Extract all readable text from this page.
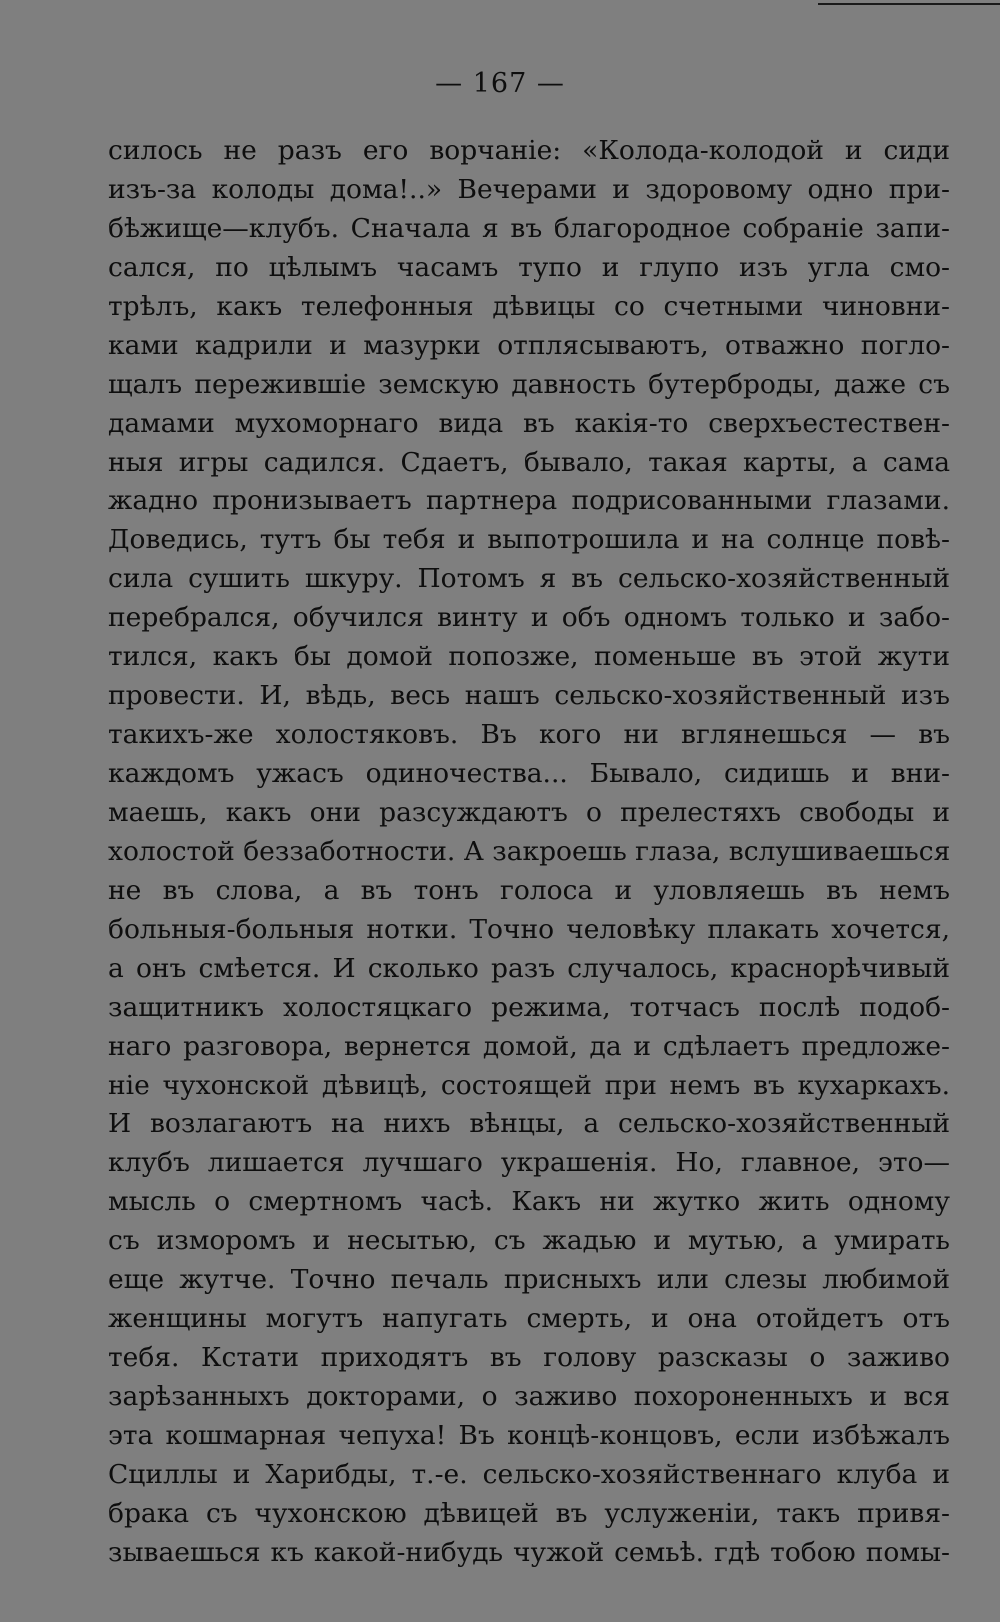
— 167 —
силось не разъ его ворчаніе: «Колода-колодой и сиди
изъ-за колоды дома!..» Вечерами и здоровому одно при-
бѣжище—клубъ. Сначала я въ благородное собраніе запи-
сался, по цѣлымъ часамъ тупо и глупо изъ угла смо-
трѣлъ, какъ телефонныя дѣвицы со счетными чиновни-
ками кадрили и мазурки отплясываютъ, отважно погло-
щалъ пережившіе земскую давность бутерброды, даже съ
дамами мухоморнаго вида въ какія-то сверхъестествен-
ныя игры садился. Сдаетъ, бывало, такая карты, а сама
жадно пронизываетъ партнера подрисованными глазами.
Доведись, тутъ бы тебя и выпотрошила и на солнце повѣ-
сила сушить шкуру. Потомъ я въ сельско-хозяйственный
перебрался, обучился винту и объ одномъ только и забо-
тился, какъ бы домой попозже, поменьше въ этой жути
провести. И, вѣдь, весь нашъ сельско-хозяйственный изъ
такихъ-же холостяковъ. Въ кого ни вглянешься — въ
каждомъ ужасъ одиночества... Бывало, сидишь и вни-
маешь, какъ они разсуждаютъ о прелестяхъ свободы и
холостой беззаботности. А закроешь глаза, вслушиваешься
не въ слова, а въ тонъ голоса и уловляешь въ немъ
больныя-больныя нотки. Точно человѣку плакать хочется,
а онъ смѣется. И сколько разъ случалось, краснорѣчивый
защитникъ холостяцкаго режима, тотчасъ послѣ подоб-
наго разговора, вернется домой, да и сдѣлаетъ предложе-
ніе чухонской дѣвицѣ, состоящей при немъ въ кухаркахъ.
И возлагаютъ на нихъ вѣнцы, а сельско-хозяйственный
клубъ лишается лучшаго украшенія. Но, главное, это—
мысль о смертномъ часѣ. Какъ ни жутко жить одному
съ изморомъ и несытью, съ жадью и мутью, а умирать
еще жутче. Точно печаль присныхъ или слезы любимой
женщины могутъ напугать смерть, и она отойдетъ отъ
тебя. Кстати приходятъ въ голову разсказы о заживо
зарѣзанныхъ докторами, о заживо похороненныхъ и вся
эта кошмарная чепуха! Въ концѣ-концовъ, если избѣжалъ
Сциллы и Харибды, т.-е. сельско-хозяйственнаго клуба и
брака съ чухонскою дѣвицей въ услуженіи, такъ привя-
зываешься къ какой-нибудь чужой семьѣ. гдѣ тобою помы-
